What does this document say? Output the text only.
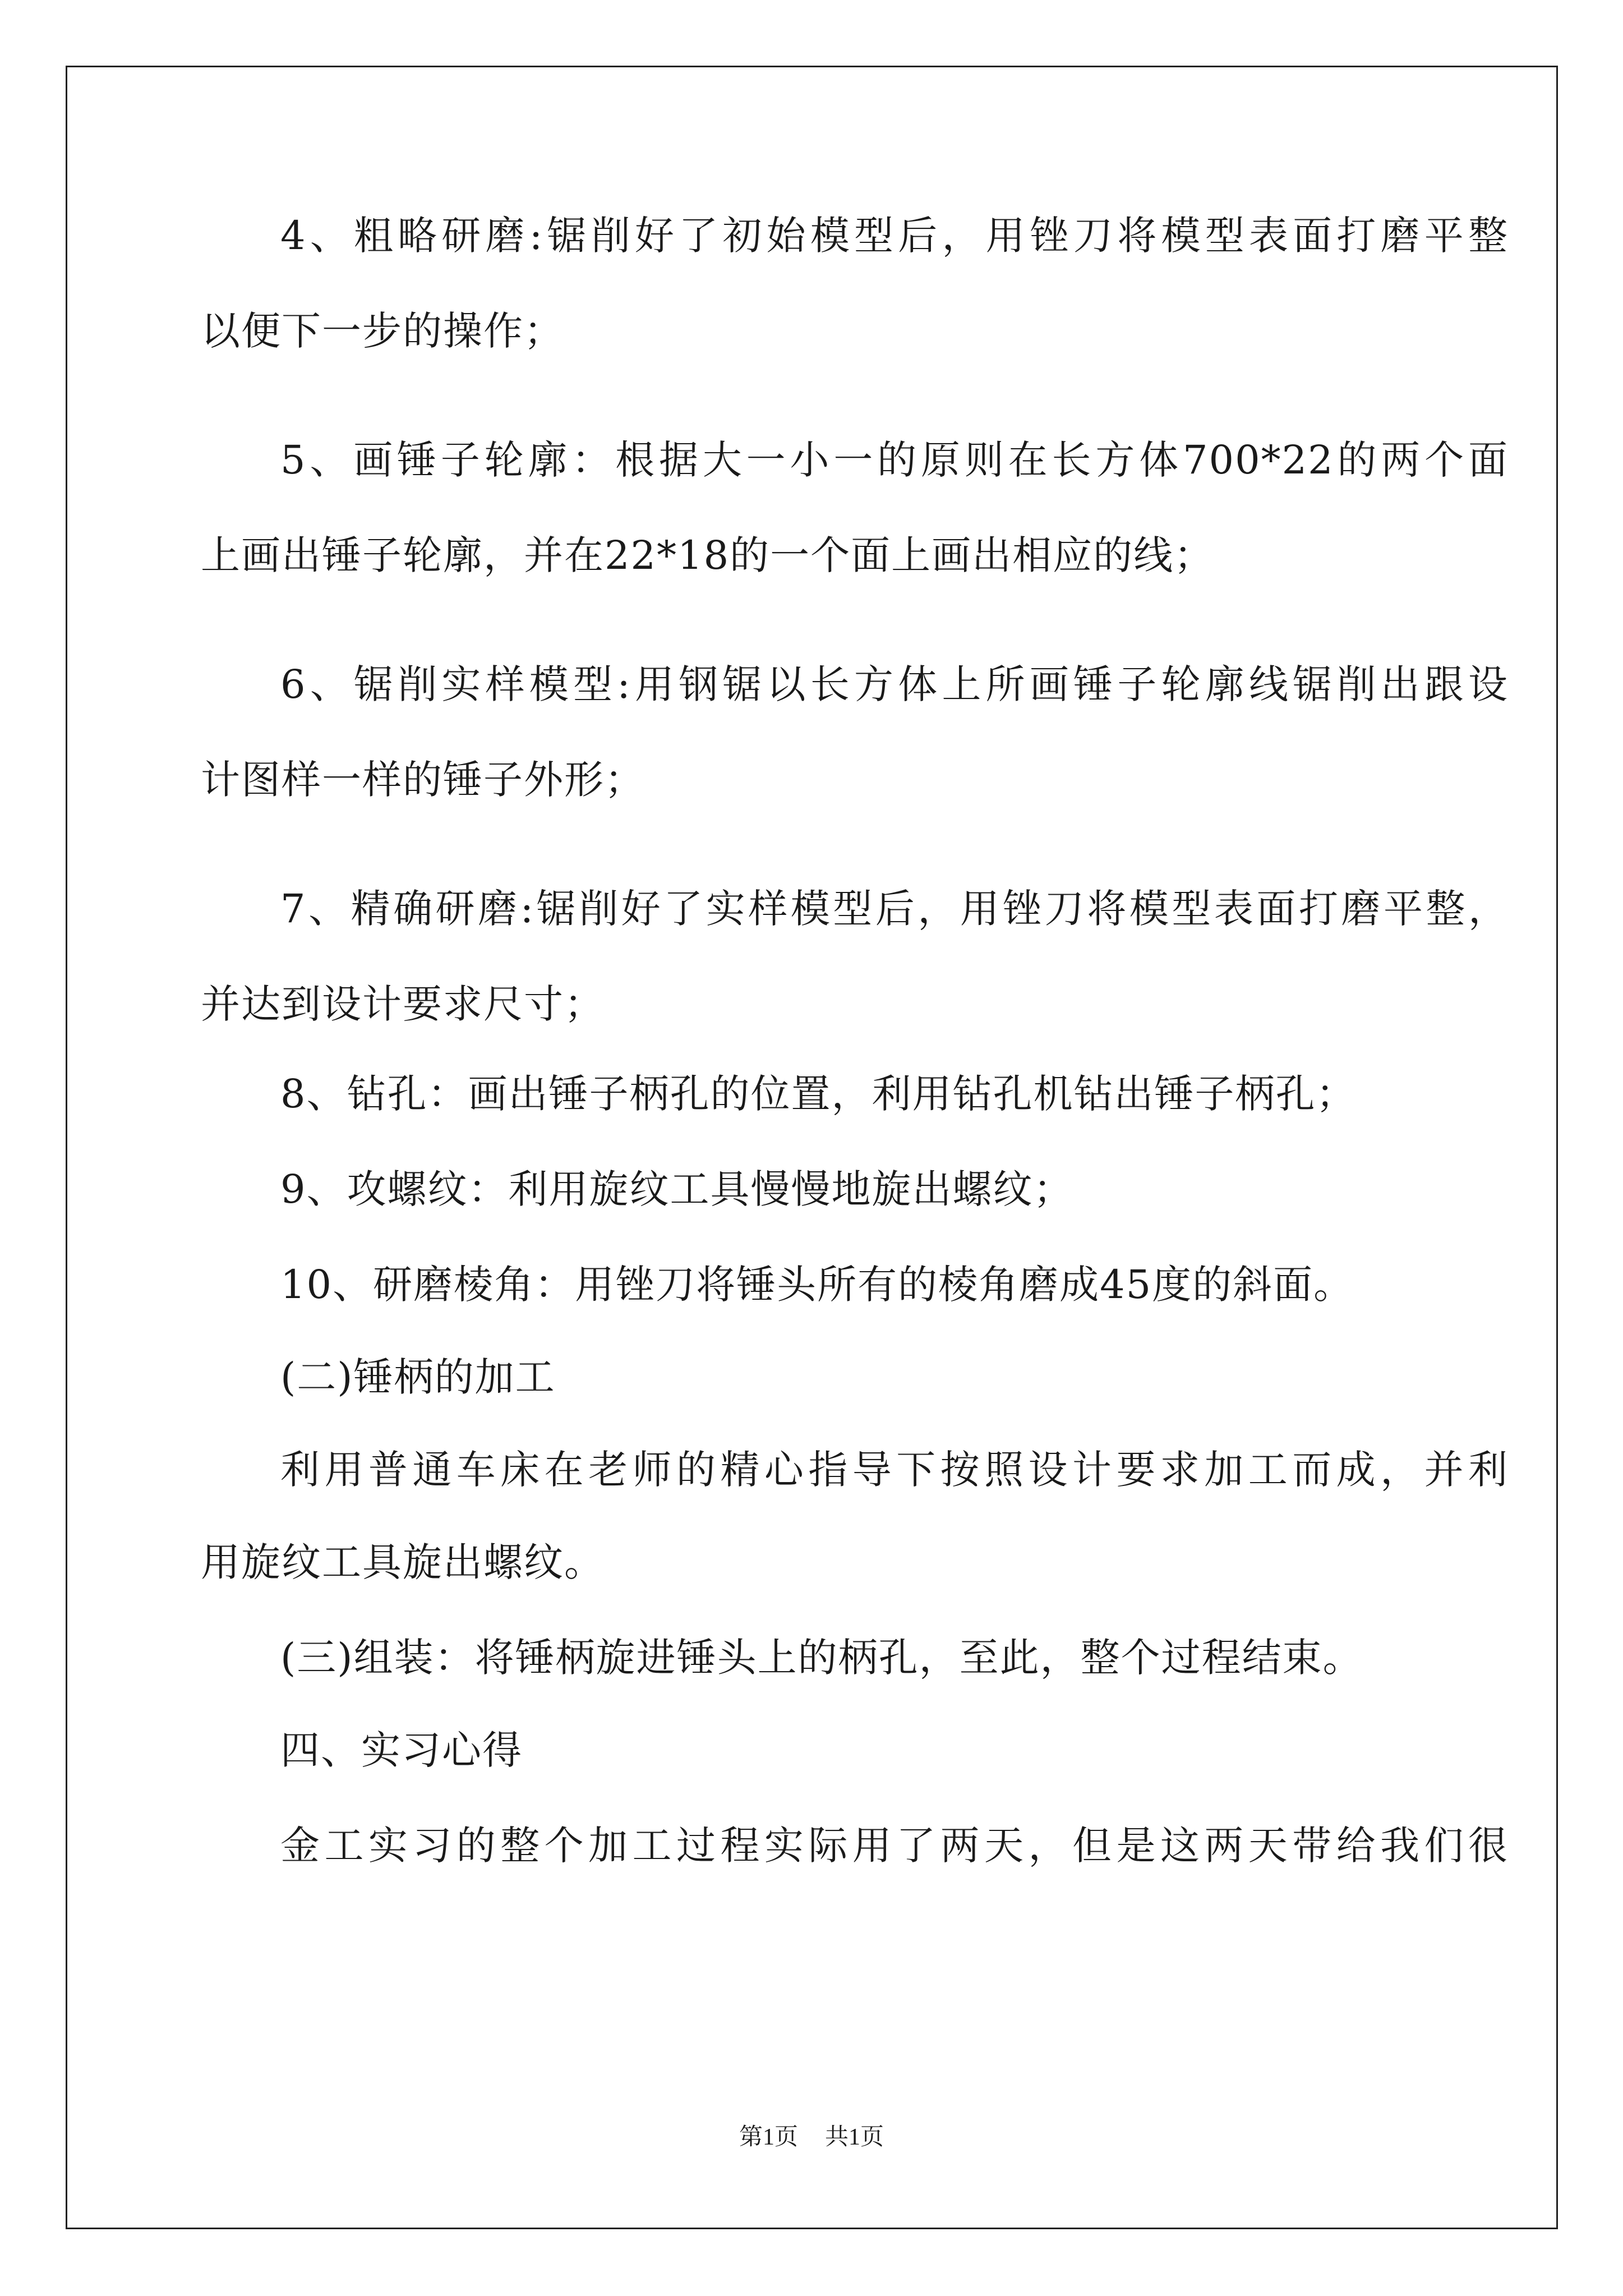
4、粗略研磨:锯削好了初始模型后，用锉刀将模型表面打磨平整
以便下一步的操作；
5、画锤子轮廓：根据大一小一的原则在长方体700*22的两个面
上画出锤子轮廓，并在22*18的一个面上画出相应的线；
6、锯削实样模型:用钢锯以长方体上所画锤子轮廓线锯削出跟设
计图样一样的锤子外形；
7、精确研磨:锯削好了实样模型后，用锉刀将模型表面打磨平整，
并达到设计要求尺寸；
8、钻孔：画出锤子柄孔的位置，利用钻孔机钻出锤子柄孔；
9、攻螺纹：利用旋纹工具慢慢地旋出螺纹；
10、研磨棱角：用锉刀将锤头所有的棱角磨成45度的斜面。
(二)锤柄的加工
利用普通车床在老师的精心指导下按照设计要求加工而成，并利
用旋纹工具旋出螺纹。
(三)组装：将锤柄旋进锤头上的柄孔，至此，整个过程结束。
四、实习心得
金工实习的整个加工过程实际用了两天，但是这两天带给我们很
第1页 共1页
